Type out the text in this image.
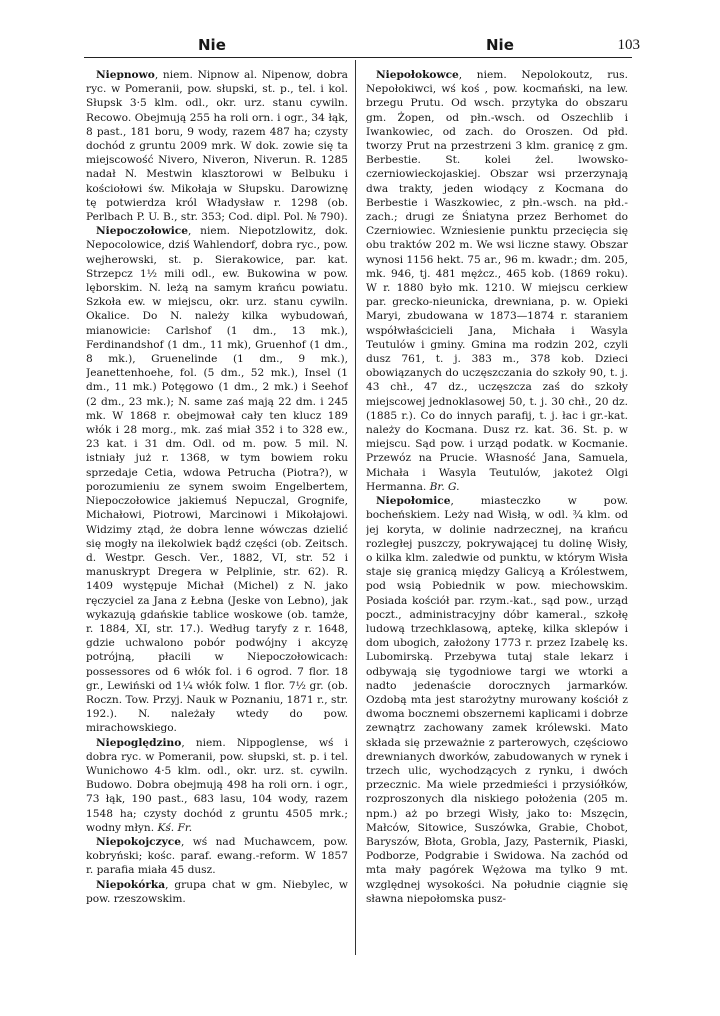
Nie	Nie	103

Niepnowo, niem. Nipnow al. Nipenow, dobra ryc. w Pomeranii, pow. słupski, st. p., tel. i kol. Słupsk 3·5 klm. odl., okr. urz. stanu cywiln. Recowo. Obejmują 255 ha roli orn. i ogr., 34 łąk, 8 past., 181 boru, 9 wody, razem 487 ha; czysty dochód z gruntu 2009 mrk. W dok. zowie się ta miejscowość Nivero, Niveron, Niverun. R. 1285 nadał N. Mestwin klasztorowi w Belbuku i kościołowi św. Mikołaja w Słupsku. Darowiznę tę potwierdza król Władysław r. 1298 (ob. Perlbach P. U. B., str. 353; Cod. dipl. Pol. № 790).

Niepoczołowice, niem. Niepotzlowitz, dok. Nepocolowice, dziś Wahlendorf, dobra ryc., pow. wejherowski, st. p. Sierakowice, par. kat. Strzepcz 1½ mili odl., ew. Bukowina w pow. lęborskim. N. leżą na samym krańcu powiatu. Szkoła ew. w miejscu, okr. urz. stanu cywiln. Okalice. Do N. należy kilka wybudowań, mianowicie: Carlshof (1 dm., 13 mk.), Ferdinandshof (1 dm., 11 mk), Gruenhof (1 dm., 8 mk.), Gruenelinde (1 dm., 9 mk.), Jeanettenhoehe, fol. (5 dm., 52 mk.), Insel (1 dm., 11 mk.) Potęgowo (1 dm., 2 mk.) i Seehof (2 dm., 23 mk.); N. same zaś mają 22 dm. i 245 mk. W 1868 r. obejmował cały ten klucz 189 włók i 28 morg., mk. zaś miał 352 i to 328 ew., 23 kat. i 31 dm. Odl. od m. pow. 5 mil. N. istniały już r. 1368, w tym bowiem roku sprzedaje Cetia, wdowa Petrucha (Piotra?), w porozumieniu ze synem swoim Engelbertem, Niepoczołowice jakiemuś Nepuczal, Grognife, Michałowi, Piotrowi, Marcinowi i Mikołajowi. Widzimy ztąd, że dobra lenne wówczas dzielić się mogły na ilekolwiek bądź części (ob. Zeitsch. d. Westpr. Gesch. Ver., 1882, VI, str. 52 i manuskrypt Dregera w Pelplinie, str. 62). R. 1409 występuje Michał (Michel) z N. jako ręczyciel za Jana z Łebna (Jeske von Lebno), jak wykazują gdańskie tablice woskowe (ob. tamże, r. 1884, XI, str. 17.). Według taryfy z r. 1648, gdzie uchwalono pobór podwójny i akcyzę potrójną, płacili w Niepoczołowicach: possessores od 6 włók fol. i 6 ogrod. 7 flor. 18 gr., Lewiński od 1¼ włók folw. 1 flor. 7½ gr. (ob. Roczn. Tow. Przyj. Nauk w Poznaniu, 1871 r., str. 192.). N. należały wtedy do pow. mirachowskiego.

Niepoględzino, niem. Nippoglense, wś i dobra ryc. w Pomeranii, pow. słupski, st. p. i tel. Wunichowo 4·5 klm. odl., okr. urz. st. cywiln. Budowo. Dobra obejmują 498 ha roli orn. i ogr., 73 łąk, 190 past., 683 lasu, 104 wody, razem 1548 ha; czysty dochód z gruntu 4505 mrk.; wodny młyn. Kś. Fr.

Niepokojczyce, wś nad Muchawcem, pow. kobryński; kośc. paraf. ewang.-reform. W 1857 r. parafia miała 45 dusz.

Niepokórka, grupa chat w gm. Niebylec, w pow. rzeszowskim.

Niepołokowce, niem. Nepolokoutz, rus. Nepołokiwci, wś koś , pow. kocmański, na lew. brzegu Prutu. Od wsch. przytyka do obszaru gm. Żopen, od płn.-wsch. od Oszechlib i Iwankowiec, od zach. do Oroszen. Od płd. tworzy Prut na przestrzeni 3 klm. granicę z gm. Berbestie. St. kolei żel. lwowsko-czerniowieckojaskiej. Obszar wsi przerzynają dwa trakty, jeden wiodący z Kocmana do Berbestie i Waszkowiec, z płn.-wsch. na płd.-zach.; drugi ze Śniatyna przez Berhomet do Czerniowiec. Wzniesienie punktu przecięcia się obu traktów 202 m. We wsi liczne stawy. Obszar wynosi 1156 hekt. 75 ar., 96 m. kwadr.; dm. 205, mk. 946, tj. 481 mężcz., 465 kob. (1869 roku). W r. 1880 było mk. 1210. W miejscu cerkiew par. grecko-nieunicka, drewniana, p. w. Opieki Maryi, zbudowana w 1873—1874 r. staraniem współwłaścicieli Jana, Michała i Wasyla Teutulów i gminy. Gmina ma rodzin 202, czyli dusz 761, t. j. 383 m., 378 kob. Dzieci obowiązanych do uczęszczania do szkoły 90, t. j. 43 chł., 47 dz., uczęszcza zaś do szkoły miejscowej jednoklasowej 50, t. j. 30 chł., 20 dz. (1885 r.). Co do innych parafij, t. j. łac i gr.-kat. należy do Kocmana. Dusz rz. kat. 36. St. p. w miejscu. Sąd pow. i urząd podatk. w Kocmanie. Przewóz na Prucie. Własność Jana, Samuela, Michała i Wasyla Teutulów, jakoteż Olgi Hermanna. Br. G.

Niepołomice, miasteczko w pow. bocheńskiem. Leży nad Wisłą, w odl. ¾ klm. od jej koryta, w dolinie nadrzecznej, na krańcu rozległej puszczy, pokrywającej tu dolinę Wisły, o kilka klm. zaledwie od punktu, w którym Wisła staje się granicą między Galicyą a Królestwem, pod wsią Pobiednik w pow. miechowskim. Posiada kościół par. rzym.-kat., sąd pow., urząd poczt., administracyjny dóbr kameral., szkołę ludową trzechklasową, aptekę, kilka sklepów i dom ubogich, założony 1773 r. przez Izabelę ks. Lubomirską. Przebywa tutaj stale lekarz i odbywają się tygodniowe targi we wtorki a nadto jedenaście dorocznych jarmarków. Ozdobą mta jest starożytny murowany kościół z dwoma bocznemi obszernemi kaplicami i dobrze zewnątrz zachowany zamek królewski. Mato składa się przeważnie z parterowych, częściowo drewnianych dworków, zabudowanych w rynek i trzech ulic, wychodzących z rynku, i dwóch przecznic. Ma wiele przedmieści i przysiółków, rozproszonych dla niskiego położenia (205 m. npm.) aż po brzegi Wisły, jako to: Mszęcin, Małców, Sitowice, Suszówka, Grabie, Chobot, Baryszów, Błota, Grobla, Jazy, Pasternik, Piaski, Podborze, Podgrabie i Swidowa. Na zachód od mta mały pagórek Wężowa ma tylko 9 mt. względnej wysokości. Na południe ciągnie się sławna niepołomska pusz-
